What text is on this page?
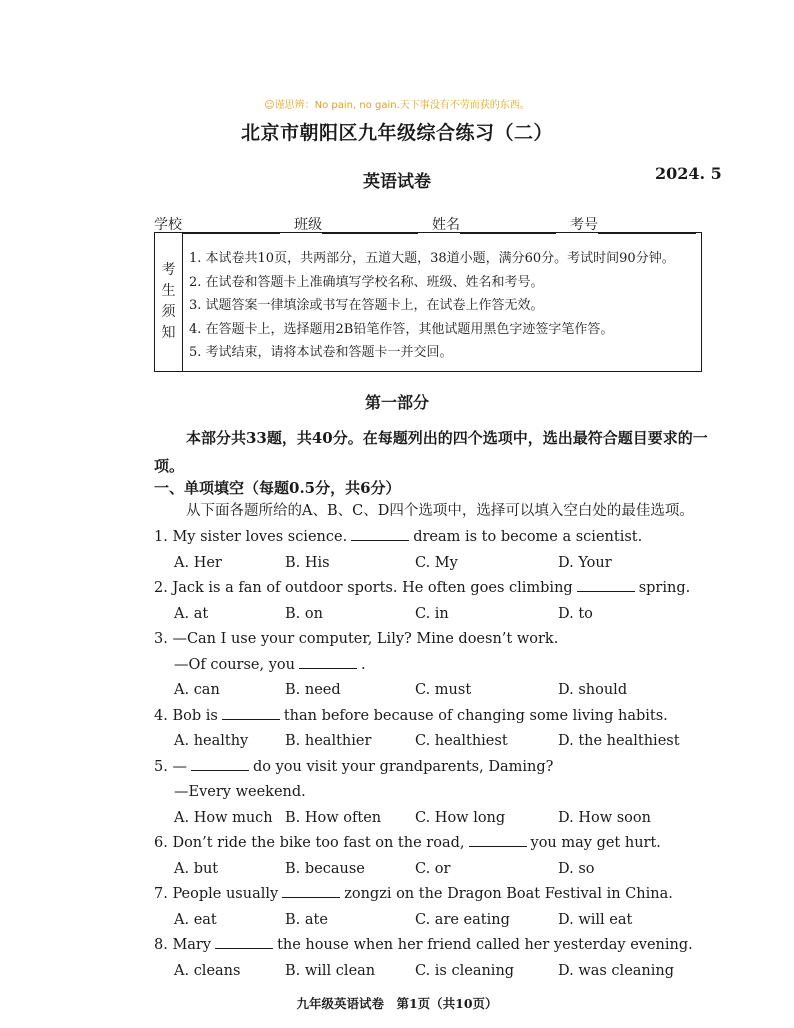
☺谨思辨：No pain, no gain.天下事没有不劳而获的东西。
北京市朝阳区九年级综合练习（二）
英语试卷	2024. 5
学校	班级	姓名	考号
考
生
须
知
1. 本试卷共10页，共两部分，五道大题，38道小题，满分60分。考试时间90分钟。
2. 在试卷和答题卡上准确填写学校名称、班级、姓名和考号。
3. 试题答案一律填涂或书写在答题卡上，在试卷上作答无效。
4. 在答题卡上，选择题用2B铅笔作答，其他试题用黑色字迹签字笔作答。
5. 考试结束，请将本试卷和答题卡一并交回。
第一部分
本部分共33题，共40分。在每题列出的四个选项中，选出最符合题目要求的一项。
一、单项填空（每题0.5分，共6分）
从下面各题所给的A、B、C、D四个选项中，选择可以填入空白处的最佳选项。
1. My sister loves science.	dream is to become a scientist.
A. Her	B. His	C. My	D. Your
2. Jack is a fan of outdoor sports. He often goes climbing	spring.
A. at	B. on	C. in	D. to
3. —Can I use your computer, Lily? Mine doesn’t work.
—Of course, you	.
A. can	B. need	C. must	D. should
4. Bob is	than before because of changing some living habits.
A. healthy	B. healthier	C. healthiest	D. the healthiest
5. —	do you visit your grandparents, Daming?
—Every weekend.
A. How much B. How often	C. How long	D. How soon
6. Don’t ride the bike too fast on the road,	you may get hurt.
A. but	B. because	C. or	D. so
7. People usually	zongzi on the Dragon Boat Festival in China.
A. eat	B. ate	C. are eating	D. will eat
8. Mary	the house when her friend called her yesterday evening.
A. cleans	B. will clean	C. is cleaning	D. was cleaning
九年级英语试卷　第1页（共10页）
